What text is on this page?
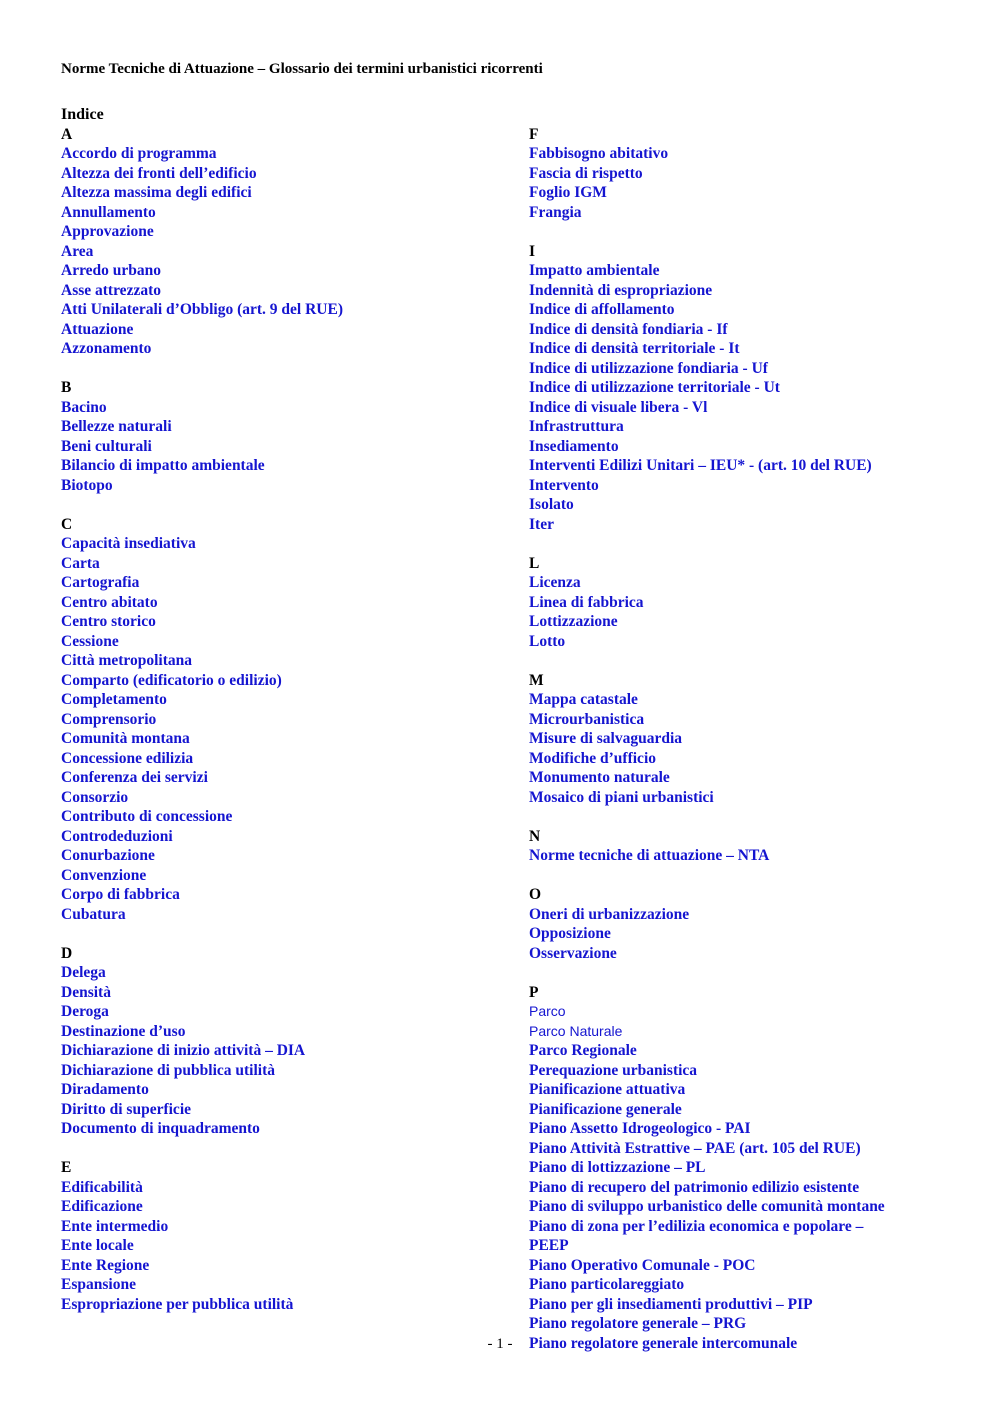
Norme Tecniche di Attuazione – Glossario dei termini urbanistici ricorrenti
Indice
A
Accordo di programma
Altezza dei fronti dell’edificio
Altezza massima degli edifici
Annullamento
Approvazione
Area
Arredo urbano
Asse attrezzato
Atti Unilaterali d’Obbligo (art. 9 del RUE)
Attuazione
Azzonamento
B
Bacino
Bellezze naturali
Beni culturali
Bilancio di impatto ambientale
Biotopo
C
Capacità insediativa
Carta
Cartografia
Centro abitato
Centro storico
Cessione
Città metropolitana
Comparto (edificatorio o edilizio)
Completamento
Comprensorio
Comunità montana
Concessione edilizia
Conferenza dei servizi
Consorzio
Contributo di concessione
Controdeduzioni
Conurbazione
Convenzione
Corpo di fabbrica
Cubatura
D
Delega
Densità
Deroga
Destinazione d’uso
Dichiarazione di inizio attività – DIA
Dichiarazione di pubblica utilità
Diradamento
Diritto di superficie
Documento di inquadramento
E
Edificabilità
Edificazione
Ente intermedio
Ente locale
Ente Regione
Espansione
Espropriazione per pubblica utilità
F
Fabbisogno abitativo
Fascia di rispetto
Foglio IGM
Frangia
I
Impatto ambientale
Indennità di espropriazione
Indice di affollamento
Indice di densità fondiaria - If
Indice di densità territoriale - It
Indice di utilizzazione fondiaria - Uf
Indice di utilizzazione territoriale - Ut
Indice di visuale libera - Vl
Infrastruttura
Insediamento
Interventi Edilizi Unitari – IEU* - (art. 10 del RUE)
Intervento
Isolato
Iter
L
Licenza
Linea di fabbrica
Lottizzazione
Lotto
M
Mappa catastale
Microurbanistica
Misure di salvaguardia
Modifiche d’ufficio
Monumento naturale
Mosaico di piani urbanistici
N
Norme tecniche di attuazione – NTA
O
Oneri di urbanizzazione
Opposizione
Osservazione
P
Parco
Parco Naturale
Parco Regionale
Perequazione urbanistica
Pianificazione attuativa
Pianificazione generale
Piano Assetto Idrogeologico - PAI
Piano Attività Estrattive – PAE (art. 105 del RUE)
Piano di lottizzazione – PL
Piano di recupero del patrimonio edilizio esistente
Piano di sviluppo urbanistico delle comunità montane
Piano di zona per l’edilizia economica e popolare –
PEEP
Piano Operativo Comunale - POC
Piano particolareggiato
Piano per gli insediamenti produttivi – PIP
Piano regolatore generale – PRG
Piano regolatore generale intercomunale
- 1 -
